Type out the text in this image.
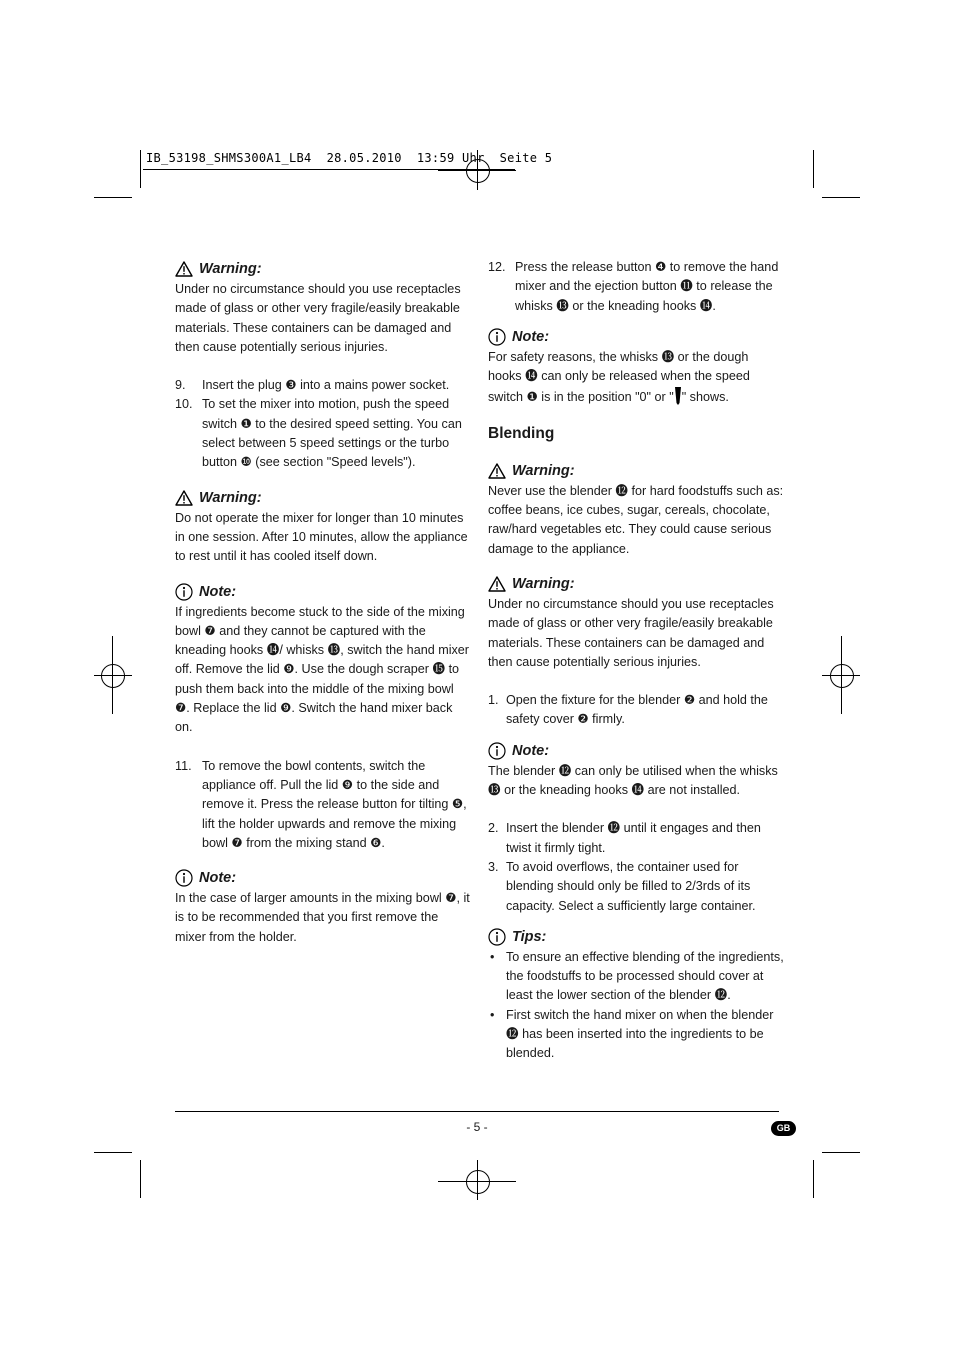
IB_53198_SHMS300A1_LB4  28.05.2010  13:59 Uhr  Seite 5
Warning:

Under no circumstance should you use receptacles made of glass or other very fragile/easily breakable materials. These containers can be damaged and then cause potentially serious injuries.

9. Insert the plug ❸ into a mains power socket.
10. To set the mixer into motion, push the speed switch ❶ to the desired speed setting. You can select between 5 speed settings or the turbo button ❿ (see section "Speed levels").
Warning:

Do not operate the mixer for longer than 10 minutes in one session. After 10 minutes, allow the appliance to rest until it has cooled itself down.

Note:

If ingredients become stuck to the side of the mixing bowl ❼ and they cannot be captured with the kneading hooks ⓮/ whisks ⓭, switch the hand mixer off. Remove the lid ❾. Use the dough scraper ⓯ to push them back into the middle of the mixing bowl ❼. Replace the lid ❾. Switch the hand mixer back on.

11. To remove the bowl contents, switch the appliance off. Pull the lid ❾ to the side and remove it. Press the release button for tilting ❺, lift the holder upwards and remove the mixing bowl ❼ from the mixing stand ❻.
Note:

In the case of larger amounts in the mixing bowl ❼, it is to be recommended that you first remove the mixer from the holder.

12. Press the release button ❹ to remove the hand mixer and the ejection button ⓫ to release the whisks ⓭ or the kneading hooks ⓮.
Note:

For safety reasons, the whisks ⓭ or the dough hooks ⓮ can only be released when the speed switch ❶ is in the position "0" or " " shows.

Blending
Warning:

Never use the blender ⓬ for hard foodstuffs such as: coffee beans, ice cubes, sugar, cereals, chocolate, raw/hard vegetables etc. They could cause serious damage to the appliance.

Warning:

Under no circumstance should you use receptacles made of glass or other very fragile/easily breakable materials. These containers can be damaged and then cause potentially serious injuries.

1. Open the fixture for the blender ❷ and hold the safety cover ❷ firmly.
Note:

The blender ⓬ can only be utilised when the whisks ⓭ or the kneading hooks ⓮ are not installed.

2. Insert the blender ⓬ until it engages and then twist it firmly tight.
3. To avoid overflows, the container used for blending should only be filled to 2/3rds of its capacity. Select a sufficiently large container.
Tips:
• To ensure an effective blending of the ingredients, the foodstuffs to be processed should cover at least the lower section of the blender ⓬.
• First switch the hand mixer on when the blender ⓬ has been inserted into the ingredients to be blended.
- 5 -	GB
